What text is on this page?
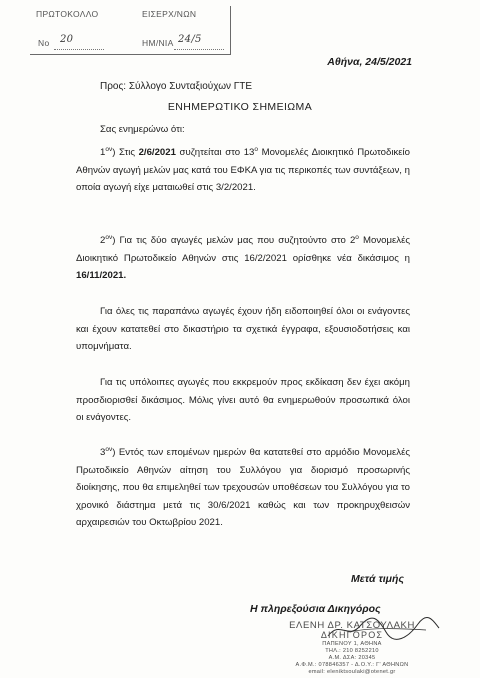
ΠΡΩΤΟΚΟΛΛΟ	ΕΙΣΕΡΧ/ΝΩΝ
Νο 20	ΗΜ/ΝΙΑ 24/5
Αθήνα, 24/5/2021
Προς: Σύλλογο Συνταξιούχων ΓΤΕ
ΕΝΗΜΕΡΩΤΙΚΟ ΣΗΜΕΙΩΜΑ
Σας ενημερώνω ότι:
$1^{o\nu}$) Στις 2/6/2021 συζητείται στο $13^o$ Μονομελές Διοικητικό Πρωτοδικείο Αθηνών αγωγή μελών μας κατά του ΕΦΚΑ για τις περικοπές των συντάξεων, η οποία αγωγή είχε ματαιωθεί στις 3/2/2021.
$2^{o\nu}$) Για τις δύο αγωγές μελών μας που συζητούντο στο $2^o$ Μονομελές Διοικητικό Πρωτοδικείο Αθηνών στις 16/2/2021 ορίσθηκε νέα δικάσιμος η 16/11/2021.
Για όλες τις παραπάνω αγωγές έχουν ήδη ειδοποιηθεί όλοι οι ενάγοντες και έχουν κατατεθεί στο δικαστήριο τα σχετικά έγγραφα, εξουσιοδοτήσεις και υπομνήματα.
Για τις υπόλοιπες αγωγές που εκκρεμούν προς εκδίκαση δεν έχει ακόμη προσδιορισθεί δικάσιμος. Μόλις γίνει αυτό θα ενημερωθούν προσωπικά όλοι οι ενάγοντες.
$3^{o\nu}$) Εντός των επομένων ημερών θα κατατεθεί στο αρμόδιο Μονομελές Πρωτοδικείο Αθηνών αίτηση του Συλλόγου για διορισμό προσωρινής διοίκησης, που θα επιμεληθεί των τρεχουσών υποθέσεων του Συλλόγου για το χρονικό διάστημα μετά τις 30/6/2021 καθώς και των προκηρυχθεισών αρχαιρεσιών του Οκτωβρίου 2021.
Μετά τιμής
Η πληρεξούσια Δικηγόρος
ΕΛΕΝΗ ΔΡ. ΚΑΤΣΟΥΛΑΚΗ
ΔΙΚΗΓΟΡΟΣ
ΠΑΠΕΝΟΥ 1, ΑΘΗΝΑ
ΤΗΛ.: 210 8252210
Α.Μ. ΔΣΑ: 20345
Α.Φ.Μ.: 078846357 - Δ.Ο.Υ.: Γ' ΑΘΗΝΩΝ
email: eleniktsoulaki@otenet.gr
